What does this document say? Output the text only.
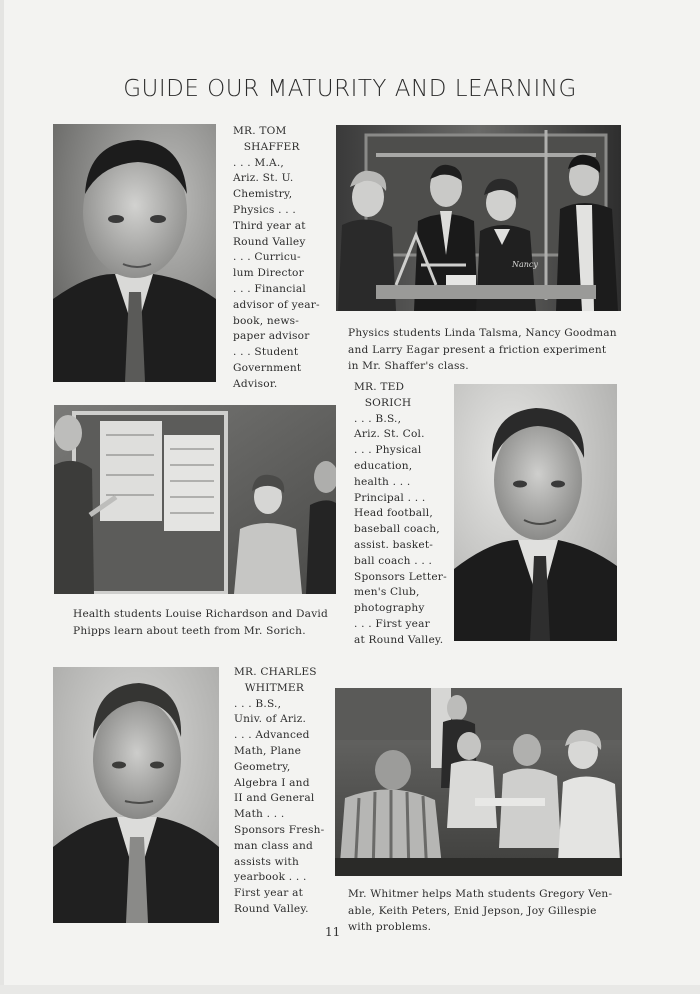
GUIDE OUR MATURITY AND LEARNING
MR. TOM
SHAFFER
. . . M.A.,
Ariz. St. U.
Chemistry,
Physics . . .
Third year at
Round Valley
. . . Curricu-
lum Director
. . . Financial
advisor of year-
book, news-
paper advisor
. . . Student
Government
Advisor.
Nancy
Physics students Linda Talsma, Nancy Goodman and Larry Eagar present a friction experiment in Mr. Shaffer's class.
Health students Louise Richardson and David Phipps learn about teeth from Mr. Sorich.
MR. TED
SORICH
. . . B.S.,
Ariz. St. Col.
. . . Physical
education,
health . . .
Principal . . .
Head football,
baseball coach,
assist. basket-
ball coach . . .
Sponsors Letter-
men's Club,
photography
. . . First year
at Round Valley.
MR. CHARLES
WHITMER
. . . B.S.,
Univ. of Ariz.
. . . Advanced
Math, Plane
Geometry,
Algebra I and
II and General
Math . . .
Sponsors Fresh-
man class and
assists with
yearbook . . .
First year at
Round Valley.
Mr. Whitmer helps Math students Gregory Ven-able, Keith Peters, Enid Jepson, Joy Gillespie with problems.
11
